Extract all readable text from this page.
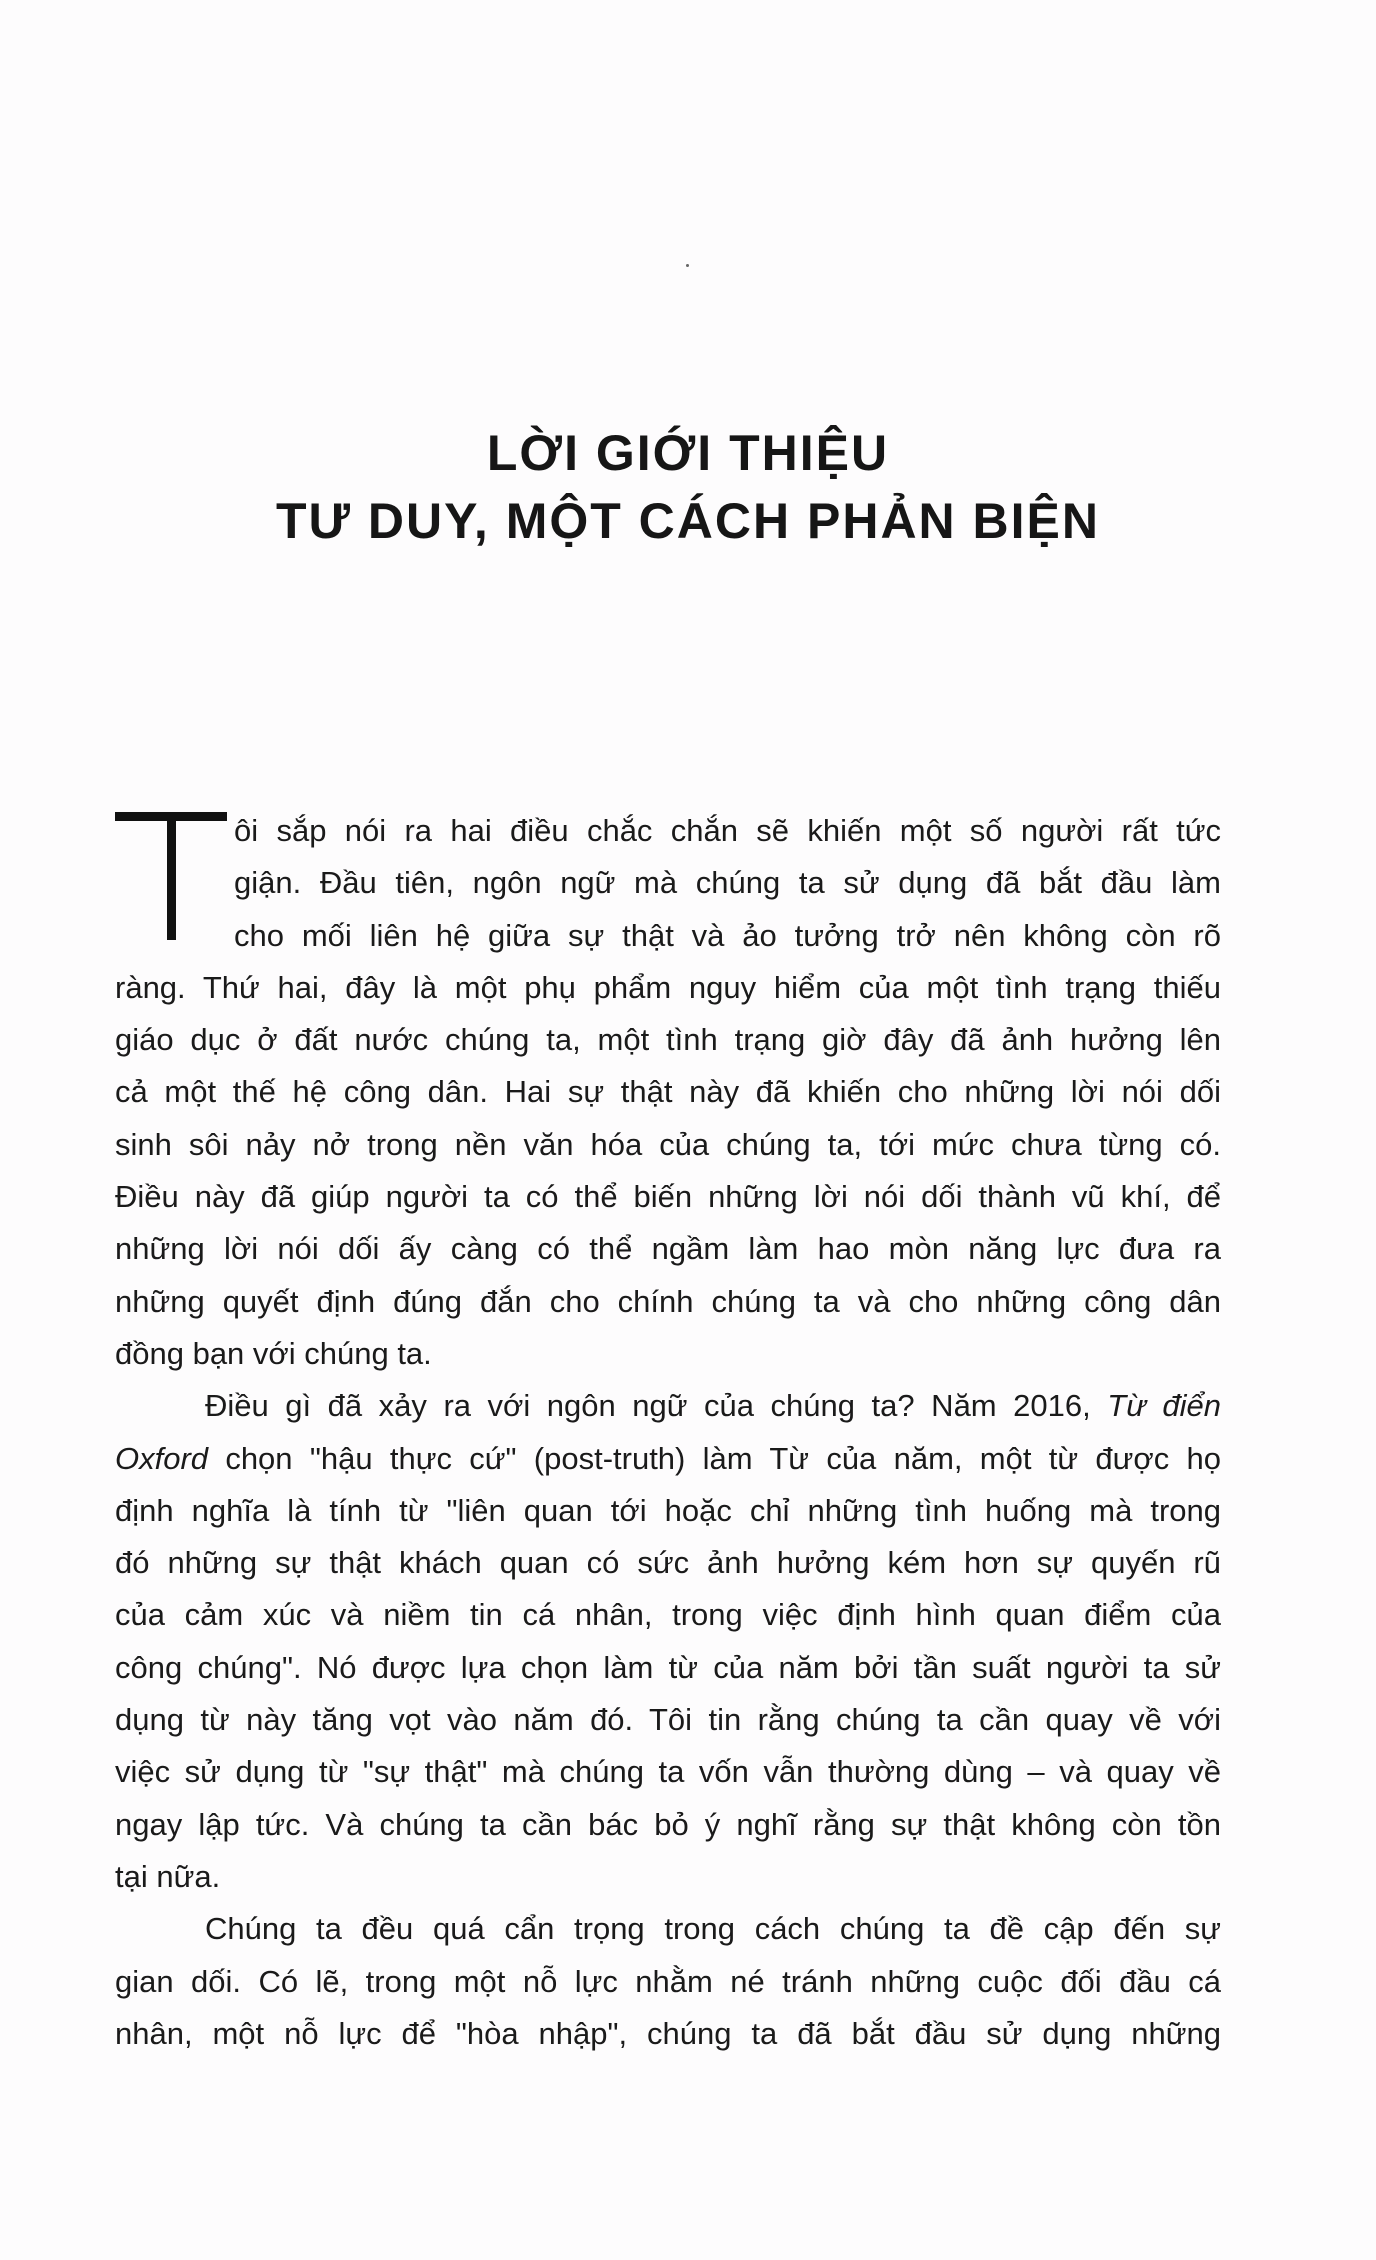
LỜI GIỚI THIỆU
TƯ DUY, MỘT CÁCH PHẢN BIỆN
ôi sắp nói ra hai điều chắc chắn sẽ khiến một số người rất tức
giận. Đầu tiên, ngôn ngữ mà chúng ta sử dụng đã bắt đầu làm
cho mối liên hệ giữa sự thật và ảo tưởng trở nên không còn rõ
ràng. Thứ hai, đây là một phụ phẩm nguy hiểm của một tình trạng thiếu
giáo dục ở đất nước chúng ta, một tình trạng giờ đây đã ảnh hưởng lên
cả một thế hệ công dân. Hai sự thật này đã khiến cho những lời nói dối
sinh sôi nảy nở trong nền văn hóa của chúng ta, tới mức chưa từng có.
Điều này đã giúp người ta có thể biến những lời nói dối thành vũ khí, để
những lời nói dối ấy càng có thể ngầm làm hao mòn năng lực đưa ra
những quyết định đúng đắn cho chính chúng ta và cho những công dân
đồng bạn với chúng ta.
Điều gì đã xảy ra với ngôn ngữ của chúng ta? Năm 2016, Từ điển
Oxford chọn "hậu thực cứ" (post-truth) làm Từ của năm, một từ được họ
định nghĩa là tính từ "liên quan tới hoặc chỉ những tình huống mà trong
đó những sự thật khách quan có sức ảnh hưởng kém hơn sự quyến rũ
của cảm xúc và niềm tin cá nhân, trong việc định hình quan điểm của
công chúng". Nó được lựa chọn làm từ của năm bởi tần suất người ta sử
dụng từ này tăng vọt vào năm đó. Tôi tin rằng chúng ta cần quay về với
việc sử dụng từ "sự thật" mà chúng ta vốn vẫn thường dùng – và quay về
ngay lập tức. Và chúng ta cần bác bỏ ý nghĩ rằng sự thật không còn tồn
tại nữa.
Chúng ta đều quá cẩn trọng trong cách chúng ta đề cập đến sự
gian dối. Có lẽ, trong một nỗ lực nhằm né tránh những cuộc đối đầu cá
nhân, một nỗ lực để "hòa nhập", chúng ta đã bắt đầu sử dụng những
